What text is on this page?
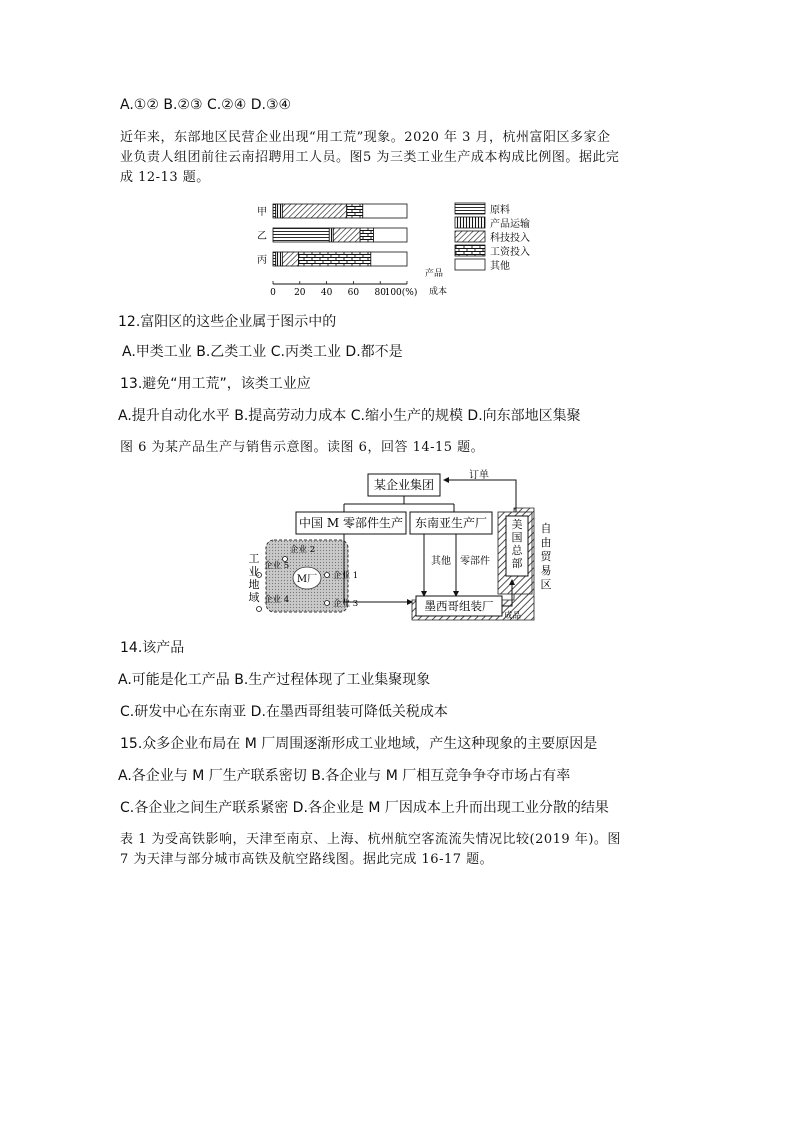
A.①② B.②③ C.②④ D.③④
近年来，东部地区民营企业出现“用工荒”现象。2020 年 3 月，杭州富阳区多家企
业负责人组团前往云南招聘用工人员。图5 为三类工业生产成本构成比例图。据此完
成 12-13 题。
甲
乙
丙
0 20 40 60 80
100(%)
产品
成本
原料
产品运输
科技投入
工资投入
其他
12.富阳区的这些企业属于图示中的
A.甲类工业 B.乙类工业 C.丙类工业 D.都不是
13.避免“用工荒”，该类工业应
A.提升自动化水平 B.提高劳动力成本 C.缩小生产的规模 D.向东部地区集聚
图 6 为某产品生产与销售示意图。读图 6，回答 14-15 题。
美国总部
自由贸易区
某企业集团
订单
中国 M 零部件生产 东南亚生产厂
M厂 企业 1
企业 2
企业 3
企业 4
企业 5
工业地域
其他 零部件
墨西哥组装厂
成品
14.该产品
A.可能是化工产品 B.生产过程体现了工业集聚现象
C.研发中心在东南亚 D.在墨西哥组装可降低关税成本
15.众多企业布局在 M 厂周围逐渐形成工业地域，产生这种现象的主要原因是
A.各企业与 M 厂生产联系密切 B.各企业与 M 厂相互竞争争夺市场占有率
C.各企业之间生产联系紧密 D.各企业是 M 厂因成本上升而出现工业分散的结果
表 1 为受高铁影响，天津至南京、上海、杭州航空客流流失情况比较(2019 年)。图
7 为天津与部分城市高铁及航空路线图。据此完成 16-17 题。
